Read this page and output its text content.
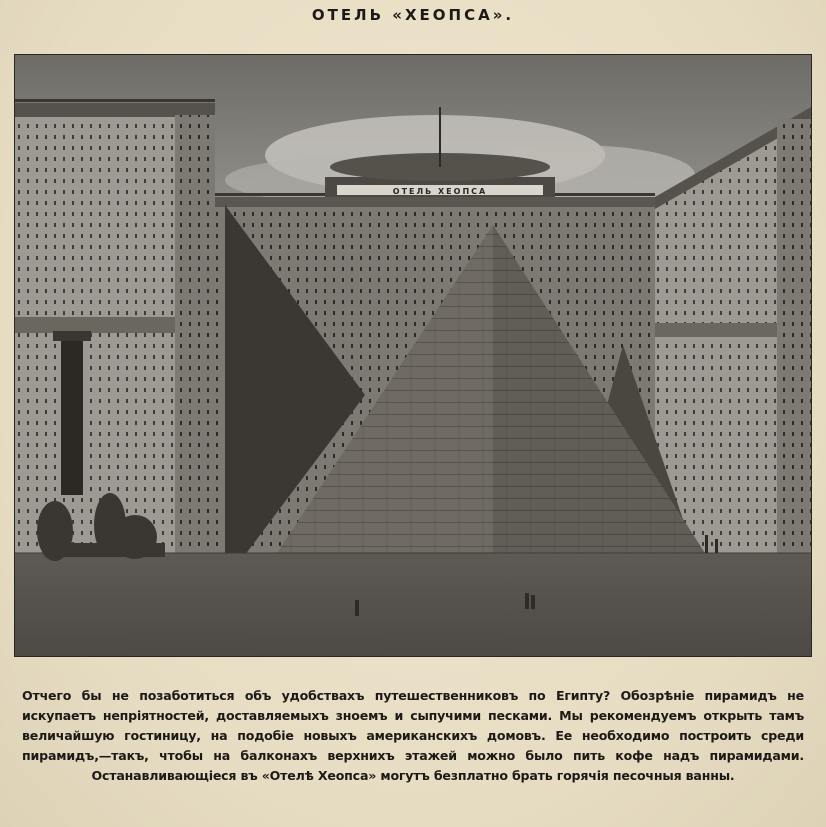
ОТЕЛЬ «ХЕОПСА».
ОТЕЛЬ ХЕОПСА
Отчего бы не позаботиться объ удобствахъ путешественниковъ по Египту? Обозрѣніе пирамидъ не искупаетъ непріятностей, доставляемыхъ зноемъ и сыпучими песками. Мы рекомендуемъ открыть тамъ величайшую гостиницу, на подобіе новыхъ американскихъ домовъ. Ее необходимо построить среди пирамидъ,—такъ, чтобы на балконахъ верхнихъ этажей можно было пить кофе надъ пирамидами. Останавливающіеся въ «Отелѣ Хеопса» могутъ безплатно брать горячія песочныя ванны.
